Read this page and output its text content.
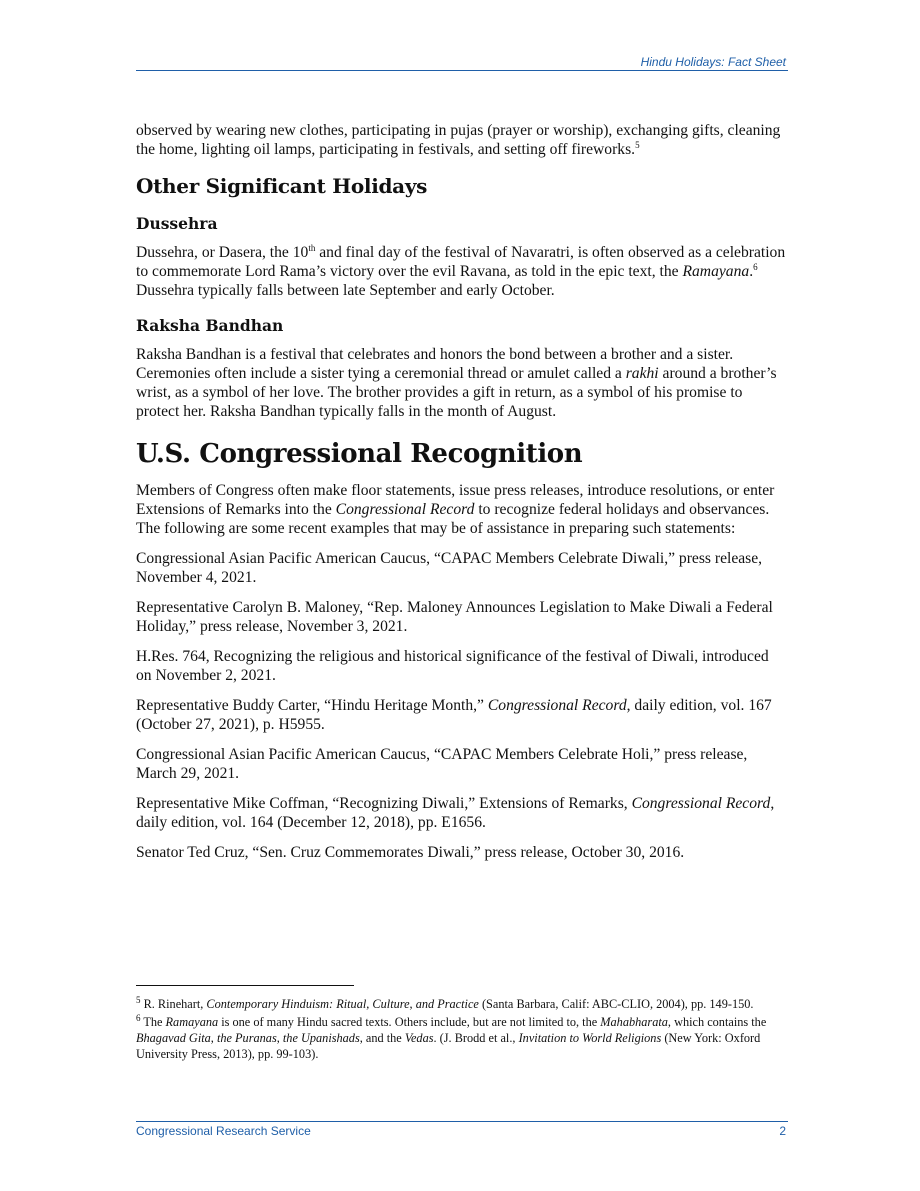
Hindu Holidays: Fact Sheet

observed by wearing new clothes, participating in pujas (prayer or worship), exchanging gifts, cleaning the home, lighting oil lamps, participating in festivals, and setting off fireworks.$^5$

Other Significant Holidays
Dussehra

Dussehra, or Dasera, the 10th and final day of the festival of Navaratri, is often observed as a celebration to commemorate Lord Rama’s victory over the evil Ravana, as told in the epic text, the Ramayana.$^6$ Dussehra typically falls between late September and early October.

Raksha Bandhan

Raksha Bandhan is a festival that celebrates and honors the bond between a brother and a sister. Ceremonies often include a sister tying a ceremonial thread or amulet called a rakhi around a brother’s wrist, as a symbol of her love. The brother provides a gift in return, as a symbol of his promise to protect her. Raksha Bandhan typically falls in the month of August.

U.S. Congressional Recognition

Members of Congress often make floor statements, issue press releases, introduce resolutions, or enter Extensions of Remarks into the Congressional Record to recognize federal holidays and observances. The following are some recent examples that may be of assistance in preparing such statements:

Congressional Asian Pacific American Caucus, “CAPAC Members Celebrate Diwali,” press release, November 4, 2021.

Representative Carolyn B. Maloney, “Rep. Maloney Announces Legislation to Make Diwali a Federal Holiday,” press release, November 3, 2021.

H.Res. 764, Recognizing the religious and historical significance of the festival of Diwali, introduced on November 2, 2021.

Representative Buddy Carter, “Hindu Heritage Month,” Congressional Record, daily edition, vol. 167 (October 27, 2021), p. H5955.

Congressional Asian Pacific American Caucus, “CAPAC Members Celebrate Holi,” press release, March 29, 2021.

Representative Mike Coffman, “Recognizing Diwali,” Extensions of Remarks, Congressional Record, daily edition, vol. 164 (December 12, 2018), pp. E1656.

Senator Ted Cruz, “Sen. Cruz Commemorates Diwali,” press release, October 30, 2016.

$^5$ R. Rinehart, Contemporary Hinduism: Ritual, Culture, and Practice (Santa Barbara, Calif: ABC-CLIO, 2004), pp. 149-150.

$^6$ The Ramayana is one of many Hindu sacred texts. Others include, but are not limited to, the Mahabharata, which contains the Bhagavad Gita, the Puranas, the Upanishads, and the Vedas. (J. Brodd et al., Invitation to World Religions (New York: Oxford University Press, 2013), pp. 99-103).

Congressional Research Service	2
